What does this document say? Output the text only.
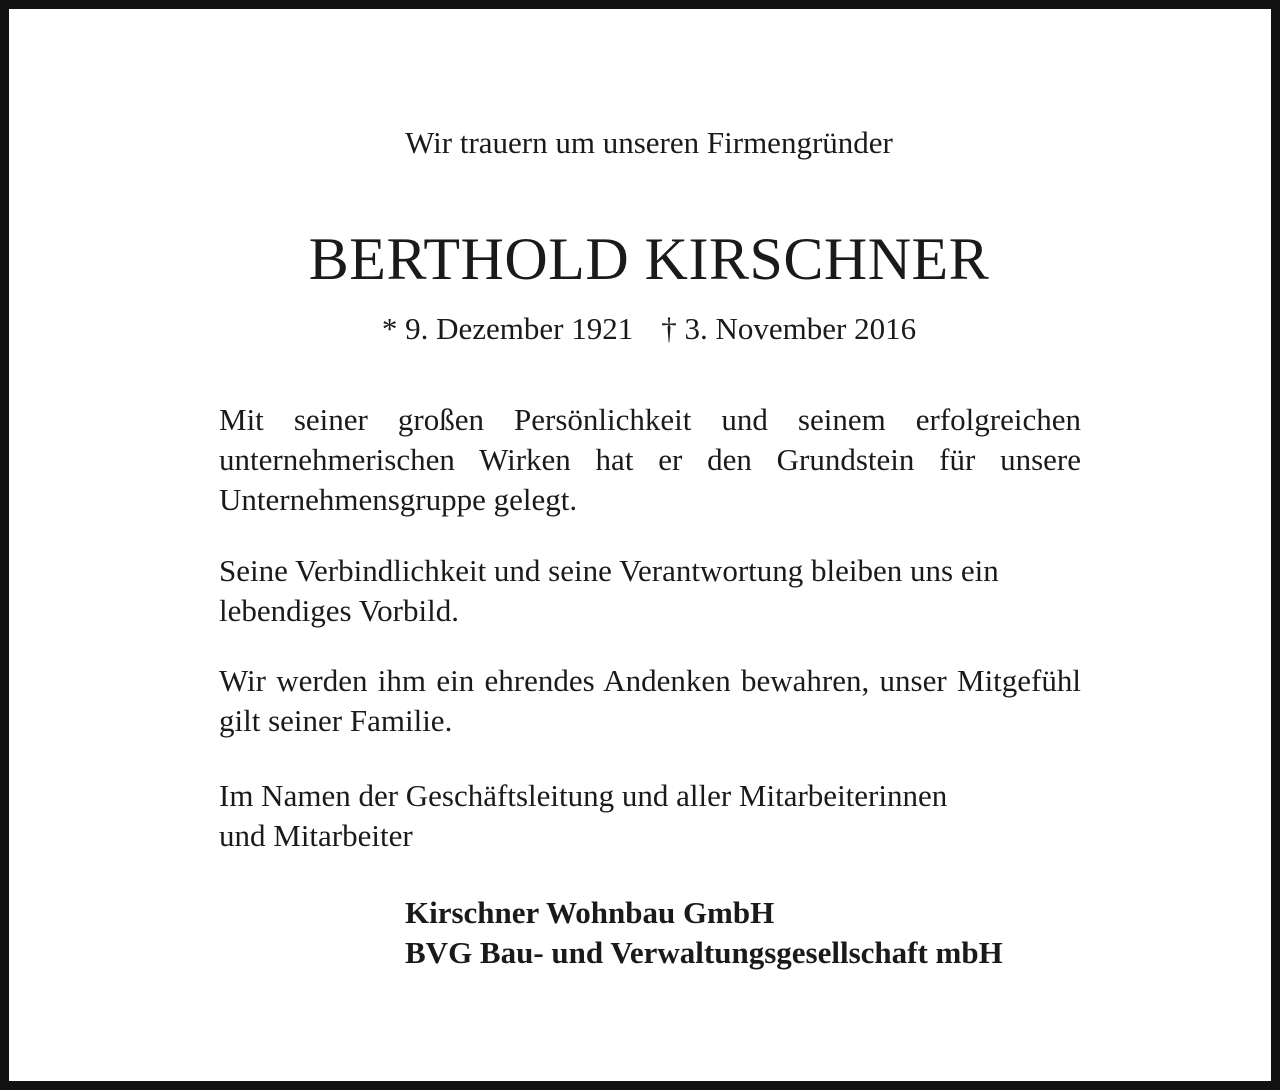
Wir trauern um unseren Firmengründer
BERTHOLD KIRSCHNER
* 9. Dezember 1921 † 3. November 2016
Mit seiner großen Persönlichkeit und seinem erfolgreichen unternehmerischen Wirken hat er den Grundstein für unsere Unternehmensgruppe gelegt.
Seine Verbindlichkeit und seine Verantwortung bleiben uns ein lebendiges Vorbild.
Wir werden ihm ein ehrendes Andenken bewahren, unser Mitgefühl gilt seiner Familie.
Im Namen der Geschäftsleitung und aller Mitarbeiterinnen
und Mitarbeiter
Kirschner Wohnbau GmbH
BVG Bau- und Verwaltungsgesellschaft mbH
